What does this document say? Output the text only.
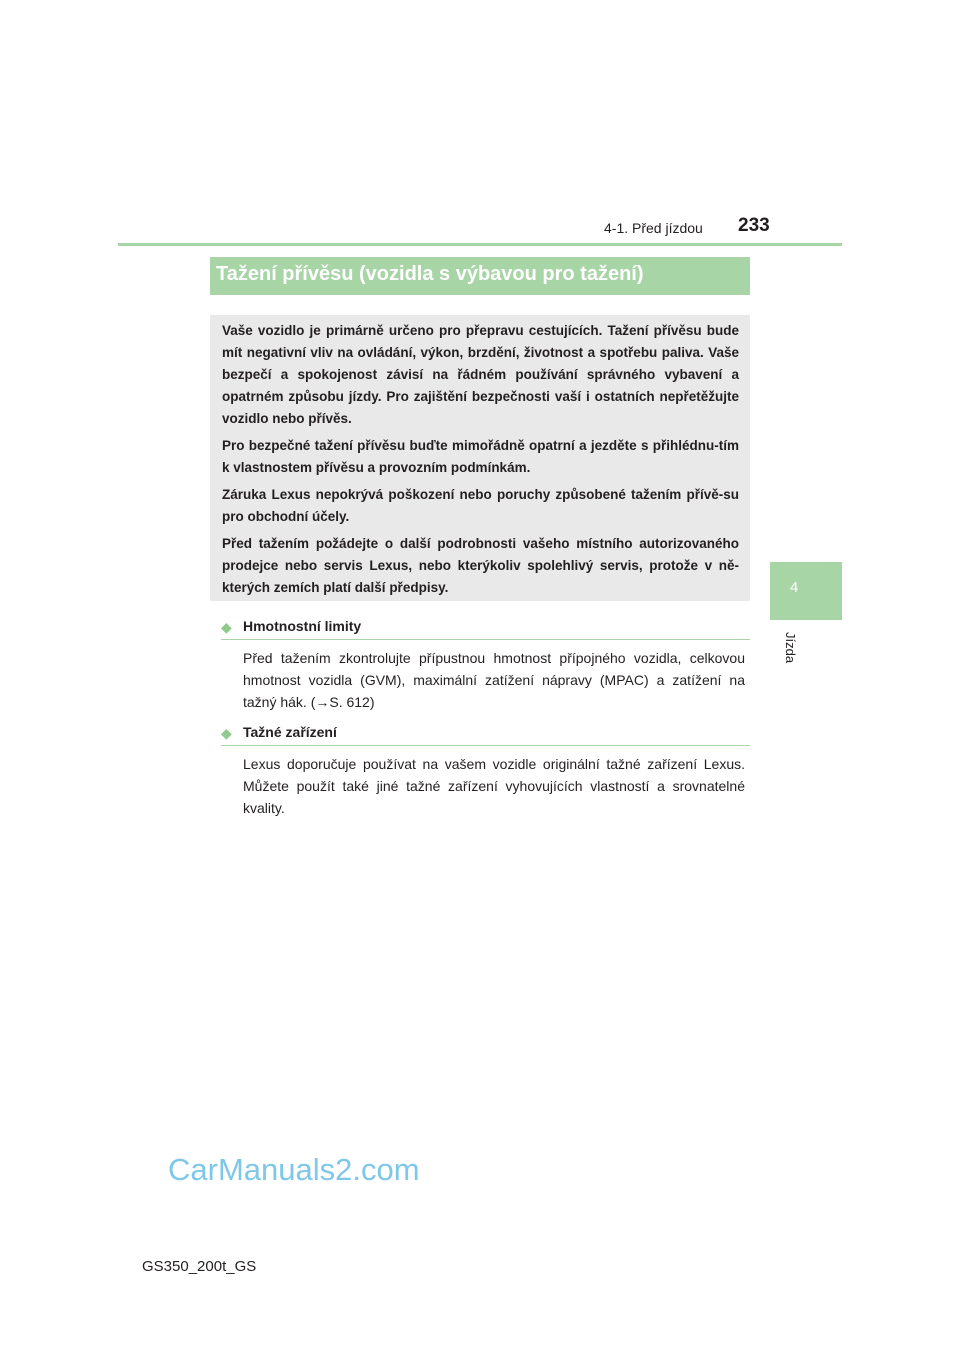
4-1. Před jízdou 233
4
Jízda
Tažení přívěsu (vozidla s výbavou pro tažení)

Vaše vozidlo je primárně určeno pro přepravu cestujících. Tažení přívěsu bude mít negativní vliv na ovládání, výkon, brzdění, životnost a spotřebu paliva. Vaše bezpečí a spokojenost závisí na řádném používání správného vybavení a opatrném způsobu jízdy. Pro zajištění bezpečnosti vaší i ostatních nepřetěžujte vozidlo nebo přívěs.

Pro bezpečné tažení přívěsu buďte mimořádně opatrní a jezděte s přihlédnu-tím k vlastnostem přívěsu a provozním podmínkám.

Záruka Lexus nepokrývá poškození nebo poruchy způsobené tažením přívě-su pro obchodní účely.

Před tažením požádejte o další podrobnosti vašeho místního autorizovaného prodejce nebo servis Lexus, nebo kterýkoliv spolehlivý servis, protože v ně-kterých zemích platí další předpisy.

◆ Hmotnostní limity
Před tažením zkontrolujte přípustnou hmotnost přípojného vozidla, celkovou hmotnost vozidla (GVM), maximální zatížení nápravy (MPAC) a zatížení na tažný hák. (→S. 612)
◆ Tažné zařízení
Lexus doporučuje používat na vašem vozidle originální tažné zařízení Lexus. Můžete použít také jiné tažné zařízení vyhovujících vlastností a srovnatelné kvality.
CarManuals2.com
GS350_200t_GS
